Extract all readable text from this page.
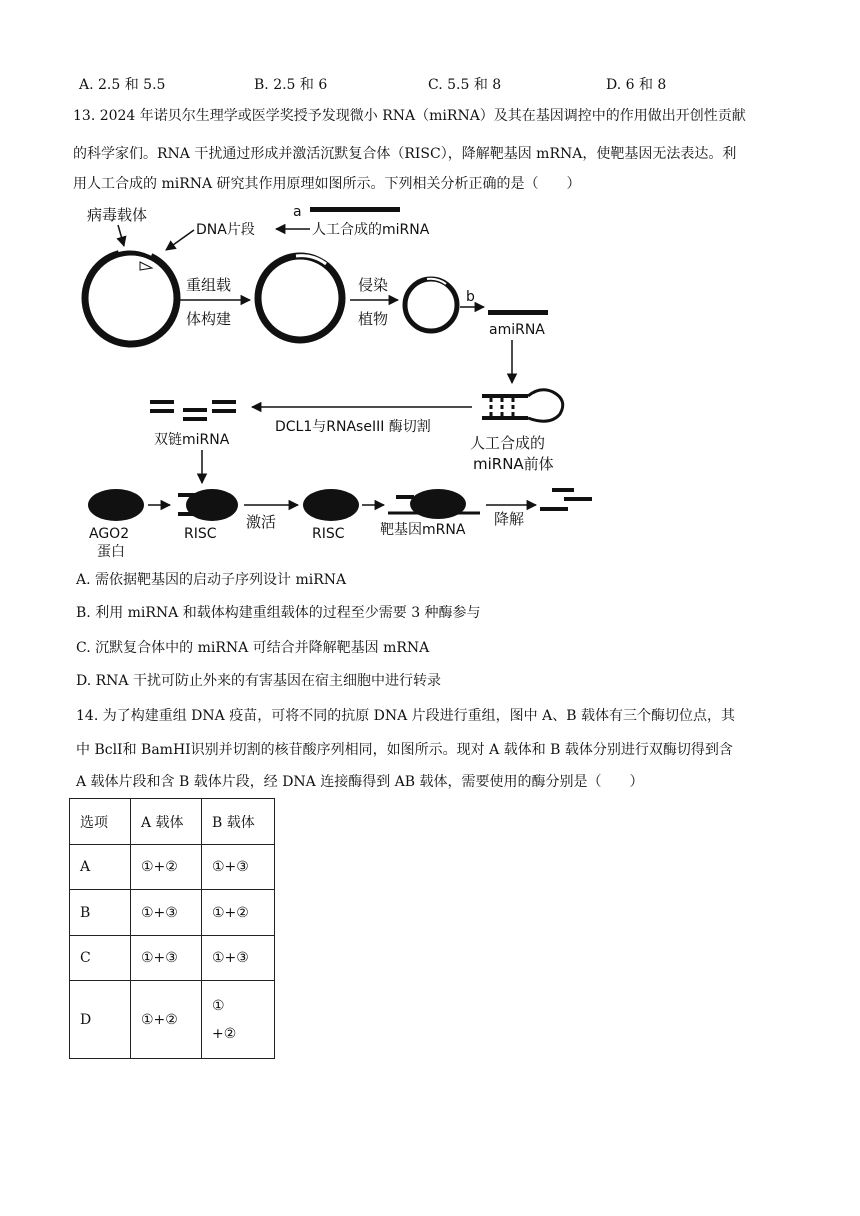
A. 2.5 和 5.5	B. 2.5 和 6	C. 5.5 和 8	D. 6 和 8
13. 2024 年诺贝尔生理学或医学奖授予发现微小 RNA（miRNA）及其在基因调控中的作用做出开创性贡献
的科学家们。RNA 干扰通过形成并激活沉默复合体（RISC），降解靶基因 mRNA，使靶基因无法表达。利
用人工合成的 miRNA 研究其作用原理如图所示。下列相关分析正确的是（　　）
病毒载体
DNA片段
a
人工合成的miRNA
重组载
体构建
侵染
植物
b
amiRNA
DCL1与RNAseIII 酶切割
人工合成的
miRNA前体
双链miRNA
AGO2
蛋白
RISC
激活
RISC	靶基因mRNA
降解
A. 需依据靶基因的启动子序列设计 miRNA
B. 利用 miRNA 和载体构建重组载体的过程至少需要 3 种酶参与
C. 沉默复合体中的 miRNA 可结合并降解靶基因 mRNA
D. RNA 干扰可防止外来的有害基因在宿主细胞中进行转录
14. 为了构建重组 DNA 疫苗，可将不同的抗原 DNA 片段进行重组，图中 A、B 载体有三个酶切位点，其
中 BclⅠ和 BamHⅠ识别并切割的核苷酸序列相同，如图所示。现对 A 载体和 B 载体分别进行双酶切得到含
A 载体片段和含 B 载体片段，经 DNA 连接酶得到 AB 载体，需要使用的酶分别是（　　）
选项	A 载体	B 载体
A	①+②	①+③
B	①+③	①+②
C	①+③	①+③
D	①+②	①
+②
